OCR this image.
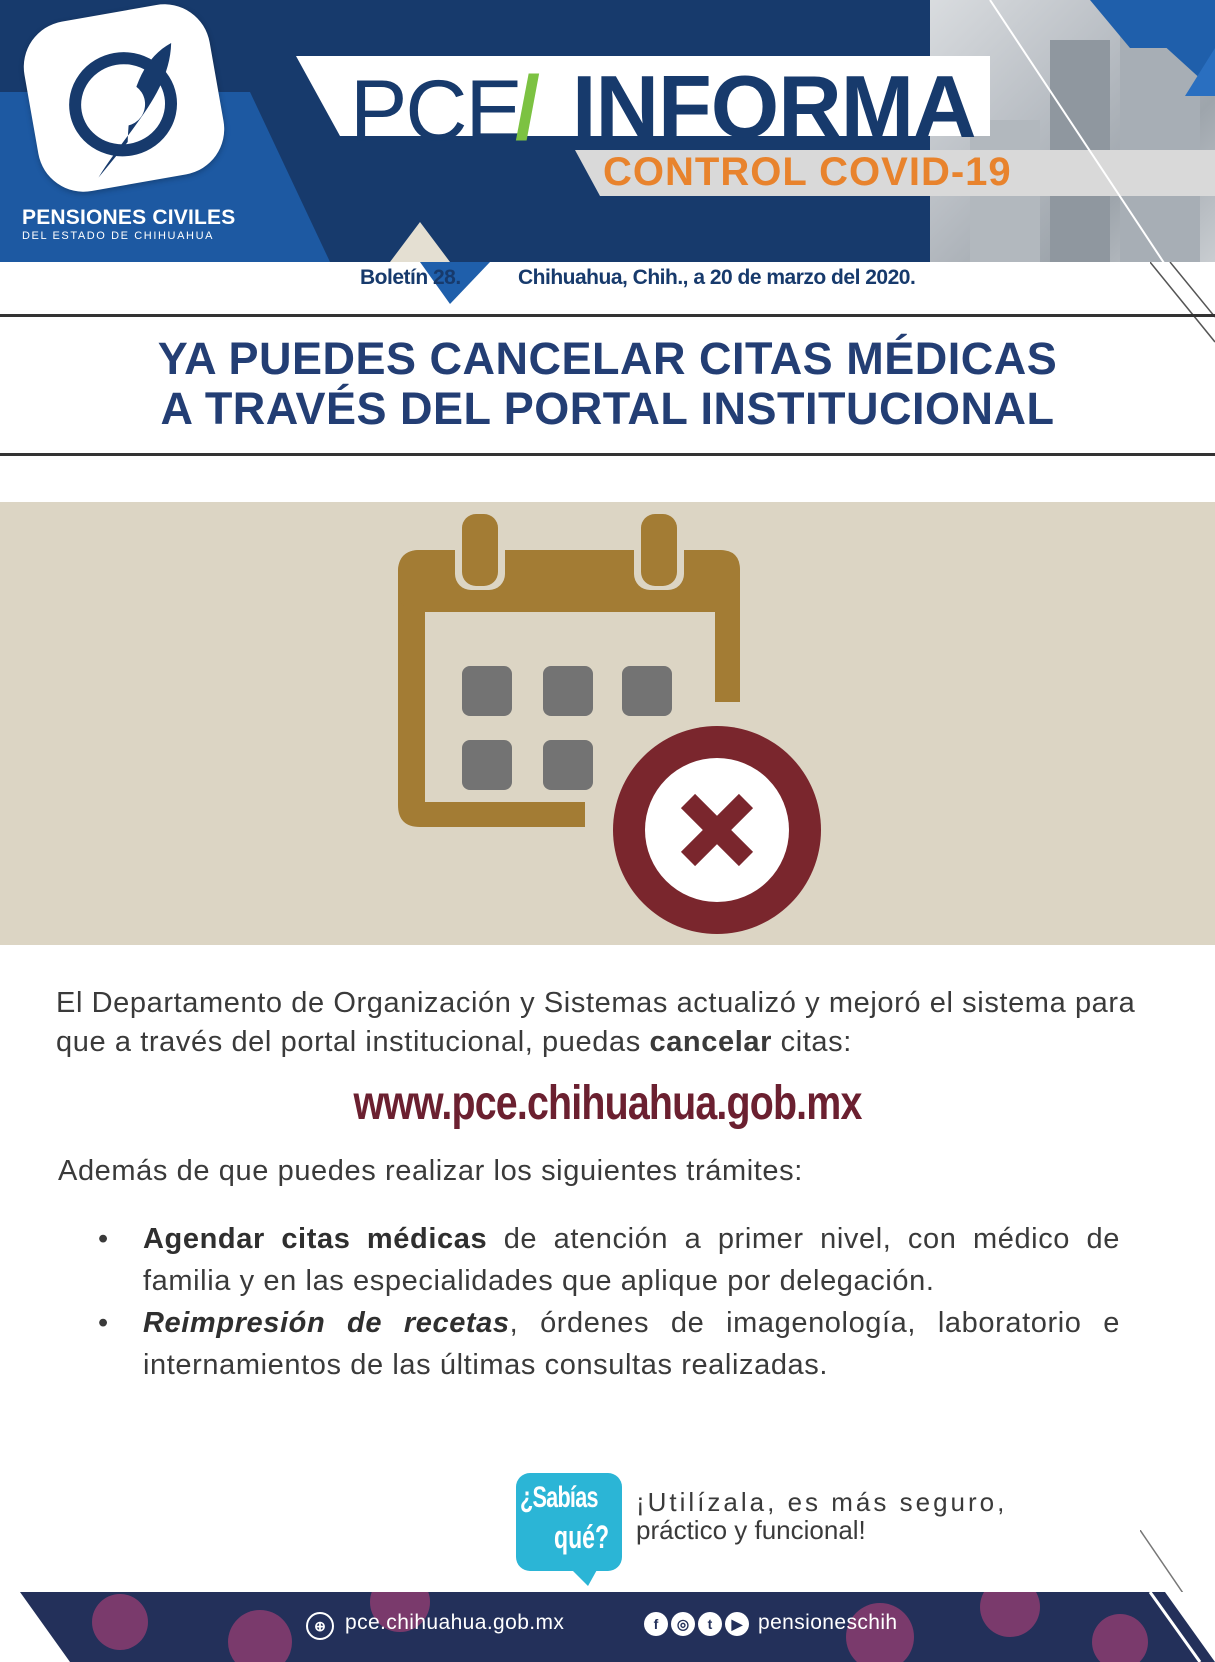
PENSIONES CIVILES
DEL ESTADO DE CHIHUAHUA
PCE
/ INFORMA
CONTROL COVID-19
Boletín 28.	Chihuahua, Chih., a 20 de marzo del 2020.
YA PUEDES CANCELAR CITAS MÉDICAS
A TRAVÉS DEL PORTAL INSTITUCIONAL
El Departamento de Organización y Sistemas actualizó y mejoró el sistema para que a través del portal institucional, puedas cancelar citas:
www.pce.chihuahua.gob.mx
Además de que puedes realizar los siguientes trámites:
• Agendar citas médicas de atención a primer nivel, con médico de familia y en las especialidades que aplique por delegación.
• Reimpresión de recetas, órdenes de imagenología, laboratorio e internamientos de las últimas consultas realizadas.
¿Sabías
qué?
¡Utilízala, es más seguro,
práctico y funcional!
⊕ pce.chihuahua.gob.mx	f	◎	t	▶ pensioneschih
